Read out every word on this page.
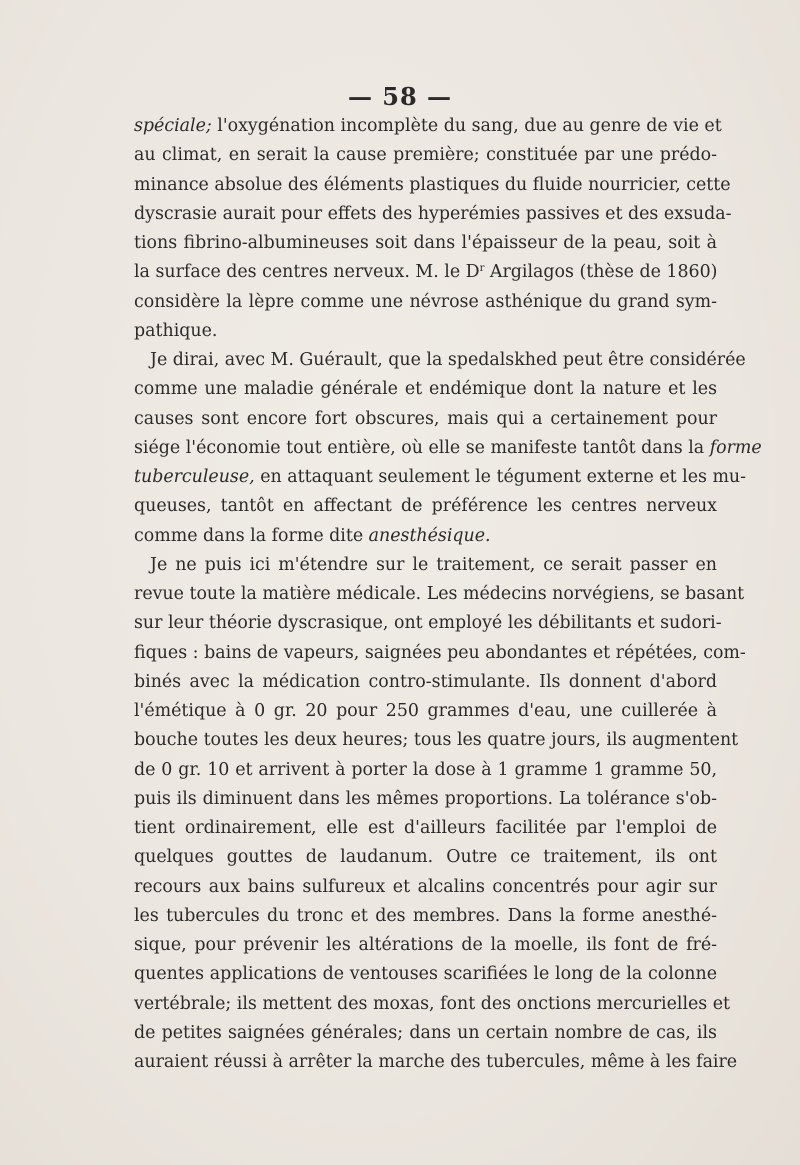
— 58 —
spéciale; l'oxygénation incomplète du sang, due au genre de vie et
au climat, en serait la cause première; constituée par une prédo-
minance absolue des éléments plastiques du fluide nourricier, cette
dyscrasie aurait pour effets des hyperémies passives et des exsuda-
tions fibrino-albumineuses soit dans l'épaisseur de la peau, soit à
la surface des centres nerveux. M. le $D^r$ Argilagos (thèse de 1860)
considère la lèpre comme une névrose asthénique du grand sym-
pathique.
Je dirai, avec M. Guérault, que la spedalskhed peut être considérée
comme une maladie générale et endémique dont la nature et les
causes sont encore fort obscures, mais qui a certainement pour
siége l'économie tout entière, où elle se manifeste tantôt dans la forme
tuberculeuse, en attaquant seulement le tégument externe et les mu-
queuses, tantôt en affectant de préférence les centres nerveux
comme dans la forme dite anesthésique.
Je ne puis ici m'étendre sur le traitement, ce serait passer en
revue toute la matière médicale. Les médecins norvégiens, se basant
sur leur théorie dyscrasique, ont employé les débilitants et sudori-
fiques : bains de vapeurs, saignées peu abondantes et répétées, com-
binés avec la médication contro-stimulante. Ils donnent d'abord
l'émétique à 0 gr. 20 pour 250 grammes d'eau, une cuillerée à
bouche toutes les deux heures; tous les quatre jours, ils augmentent
de 0 gr. 10 et arrivent à porter la dose à 1 gramme 1 gramme 50,
puis ils diminuent dans les mêmes proportions. La tolérance s'ob-
tient ordinairement, elle est d'ailleurs facilitée par l'emploi de
quelques gouttes de laudanum. Outre ce traitement, ils ont
recours aux bains sulfureux et alcalins concentrés pour agir sur
les tubercules du tronc et des membres. Dans la forme anesthé-
sique, pour prévenir les altérations de la moelle, ils font de fré-
quentes applications de ventouses scarifiées le long de la colonne
vertébrale; ils mettent des moxas, font des onctions mercurielles et
de petites saignées générales; dans un certain nombre de cas, ils
auraient réussi à arrêter la marche des tubercules, même à les faire
